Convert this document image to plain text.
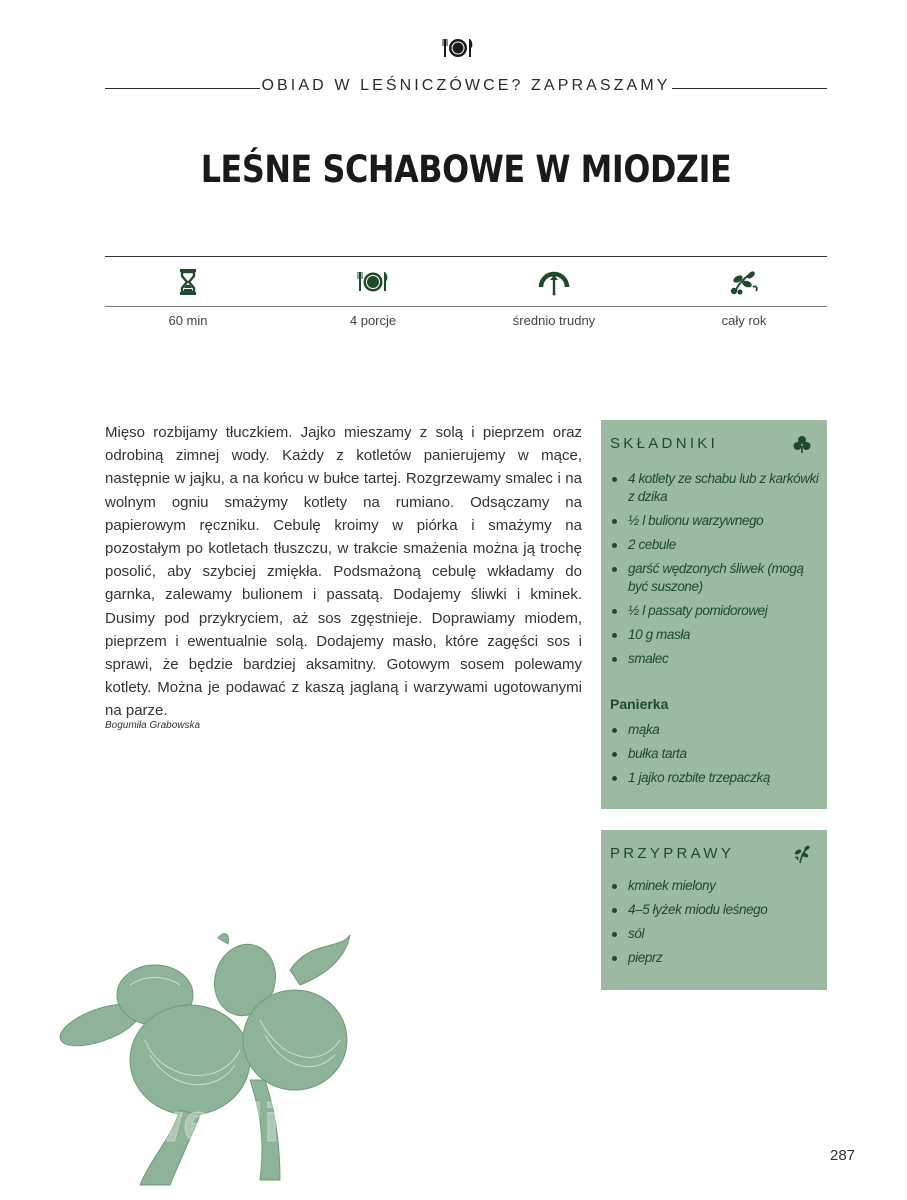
OBIAD W LEŚNICZÓWCE? ZAPRASZAMY
LEŚNE SCHABOWE W MIODZIE
60 min	4 porcje	średnio trudny	cały rok
Mięso rozbijamy tłuczkiem. Jajko mieszamy z solą i pieprzem oraz odrobiną zimnej wody. Każdy z kotletów panierujemy w mące, następnie w jajku, a na końcu w bułce tartej. Rozgrzewamy smalec i na wolnym ogniu smażymy kotlety na rumiano. Odsączamy na papierowym ręczniku. Cebulę kroimy w piórka i smażymy na pozostałym po kotletach tłuszczu, w trakcie smażenia można ją trochę posolić, aby szybciej zmiękła. Podsmażoną cebulę wkładamy do garnka, zalewamy bulionem i passatą. Dodajemy śliwki i kminek. Dusimy pod przykryciem, aż sos zgęstnieje. Doprawiamy miodem, pieprzem i ewentualnie solą. Dodajemy masło, które zagęści sos i sprawi, że będzie bardziej aksamitny. Gotowym sosem polewamy kotlety. Można je podawać z kaszą jaglaną i warzywami ugotowanymi na parze.
Bogumiła Grabowska
SKŁADNIKI
4 kotlety ze schabu lub z karkówki z dzika
½ l bulionu warzywnego
2 cebule
garść wędzonych śliwek (mogą być suszone)
½ l passaty pomidorowej
10 g masła
smalec
Panierka
mąka
bułka tarta
1 jajko rozbite trzepaczką
PRZYPRAWY
kminek mielony
4–5 łyżek miodu leśnego
sól
pieprz
wedlinydomowe.pl
287
